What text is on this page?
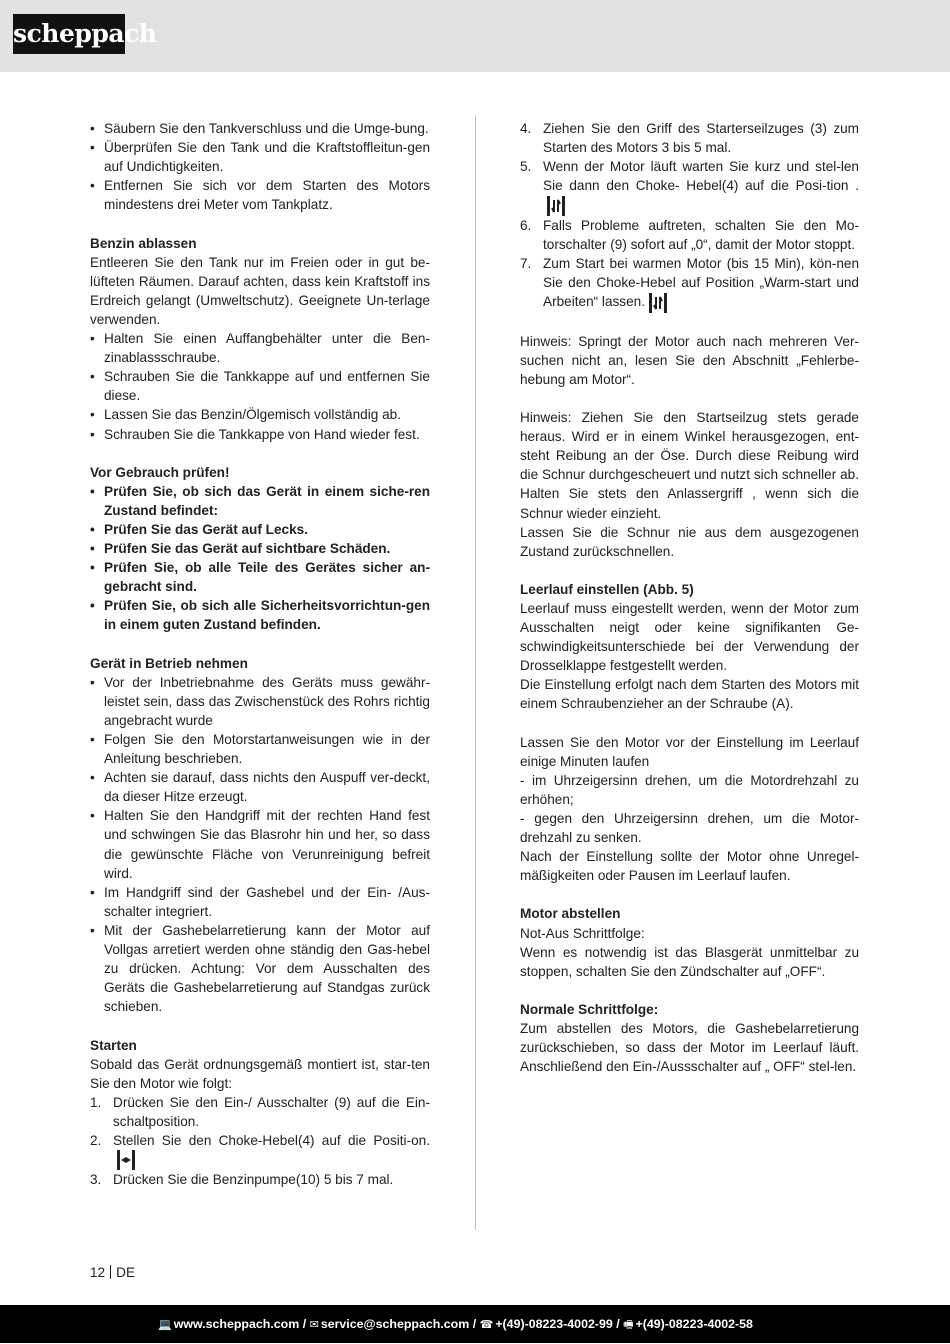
scheppach
• Säubern Sie den Tankverschluss und die Umge-bung.
• Überprüfen Sie den Tank und die Kraftstoffleitun-gen auf Undichtigkeiten.
• Entfernen Sie sich vor dem Starten des Motors mindestens drei Meter vom Tankplatz.

Benzin ablassen

Entleeren Sie den Tank nur im Freien oder in gut be-lüfteten Räumen. Darauf achten, dass kein Kraftstoff ins Erdreich gelangt (Umweltschutz). Geeignete Un-terlage verwenden.

• Halten Sie einen Auffangbehälter unter die Ben-zinablassschraube.
• Schrauben Sie die Tankkappe auf und entfernen Sie diese.
• Lassen Sie das Benzin/Ölgemisch vollständig ab.
• Schrauben Sie die Tankkappe von Hand wieder fest.

Vor Gebrauch prüfen!

• Prüfen Sie, ob sich das Gerät in einem siche-ren Zustand befindet:
• Prüfen Sie das Gerät auf Lecks.
• Prüfen Sie das Gerät auf sichtbare Schäden.
• Prüfen Sie, ob alle Teile des Gerätes sicher an-gebracht sind.
• Prüfen Sie, ob sich alle Sicherheitsvorrichtun-gen in einem guten Zustand befinden.

Gerät in Betrieb nehmen

• Vor der Inbetriebnahme des Geräts muss gewähr-leistet sein, dass das Zwischenstück des Rohrs richtig angebracht wurde
• Folgen Sie den Motorstartanweisungen wie in der Anleitung beschrieben.
• Achten sie darauf, dass nichts den Auspuff ver-deckt, da dieser Hitze erzeugt.
• Halten Sie den Handgriff mit der rechten Hand fest und schwingen Sie das Blasrohr hin und her, so dass die gewünschte Fläche von Verunreinigung befreit wird.
• Im Handgriff sind der Gashebel und der Ein- /Aus-schalter integriert.
• Mit der Gashebelarretierung kann der Motor auf Vollgas arretiert werden ohne ständig den Gas-hebel zu drücken. Achtung: Vor dem Ausschalten des Geräts die Gashebelarretierung auf Standgas zurück schieben.

Starten

Sobald das Gerät ordnungsgemäß montiert ist, star-ten Sie den Motor wie folgt:

1. Drücken Sie den Ein-/ Ausschalter (9) auf die Ein-schaltposition.
2. Stellen Sie den Choke-Hebel(4) auf die Positi-on.
3. Drücken Sie die Benzinpumpe(10) 5 bis 7 mal.
4. Ziehen Sie den Griff des Starterseilzuges (3) zum Starten des Motors 3 bis 5 mal.
5. Wenn der Motor läuft warten Sie kurz und stel-len Sie dann den Choke- Hebel(4) auf die Posi-tion .
6. Falls Probleme auftreten, schalten Sie den Mo-torschalter (9) sofort auf „0“, damit der Motor stoppt.
7. Zum Start bei warmen Motor (bis 15 Min), kön-nen Sie den Choke-Hebel auf Position „Warm-start und Arbeiten“ lassen.

Hinweis: Springt der Motor auch nach mehreren Ver-suchen nicht an, lesen Sie den Abschnitt „Fehlerbe-hebung am Motor“.

Hinweis: Ziehen Sie den Startseilzug stets gerade heraus. Wird er in einem Winkel herausgezogen, ent-steht Reibung an der Öse. Durch diese Reibung wird die Schnur durchgescheuert und nutzt sich schneller ab. Halten Sie stets den Anlassergriff , wenn sich die Schnur wieder einzieht.

Lassen Sie die Schnur nie aus dem ausgezogenen Zustand zurückschnellen.

Leerlauf einstellen (Abb. 5)

Leerlauf muss eingestellt werden, wenn der Motor zum Ausschalten neigt oder keine signifikanten Ge-schwindigkeitsunterschiede bei der Verwendung der Drosselklappe festgestellt werden.

Die Einstellung erfolgt nach dem Starten des Motors mit einem Schraubenzieher an der Schraube (A).

Lassen Sie den Motor vor der Einstellung im Leerlauf einige Minuten laufen

- im Uhrzeigersinn drehen, um die Motordrehzahl zu erhöhen;

- gegen den Uhrzeigersinn drehen, um die Motor-drehzahl zu senken.

Nach der Einstellung sollte der Motor ohne Unregel-mäßigkeiten oder Pausen im Leerlauf laufen.

Motor abstellen

Not-Aus Schrittfolge:

Wenn es notwendig ist das Blasgerät unmittelbar zu stoppen, schalten Sie den Zündschalter auf „OFF“.

Normale Schrittfolge:

Zum abstellen des Motors, die Gashebelarretierung zurückschieben, so dass der Motor im Leerlauf läuft. Anschließend den Ein-/Aussschalter auf „ OFF“ stel-len.

12 DE
💻 www.scheppach.com / ✉ service@scheppach.com / ☎ +(49)-08223-4002-99 / 🖷 +(49)-08223-4002-58
